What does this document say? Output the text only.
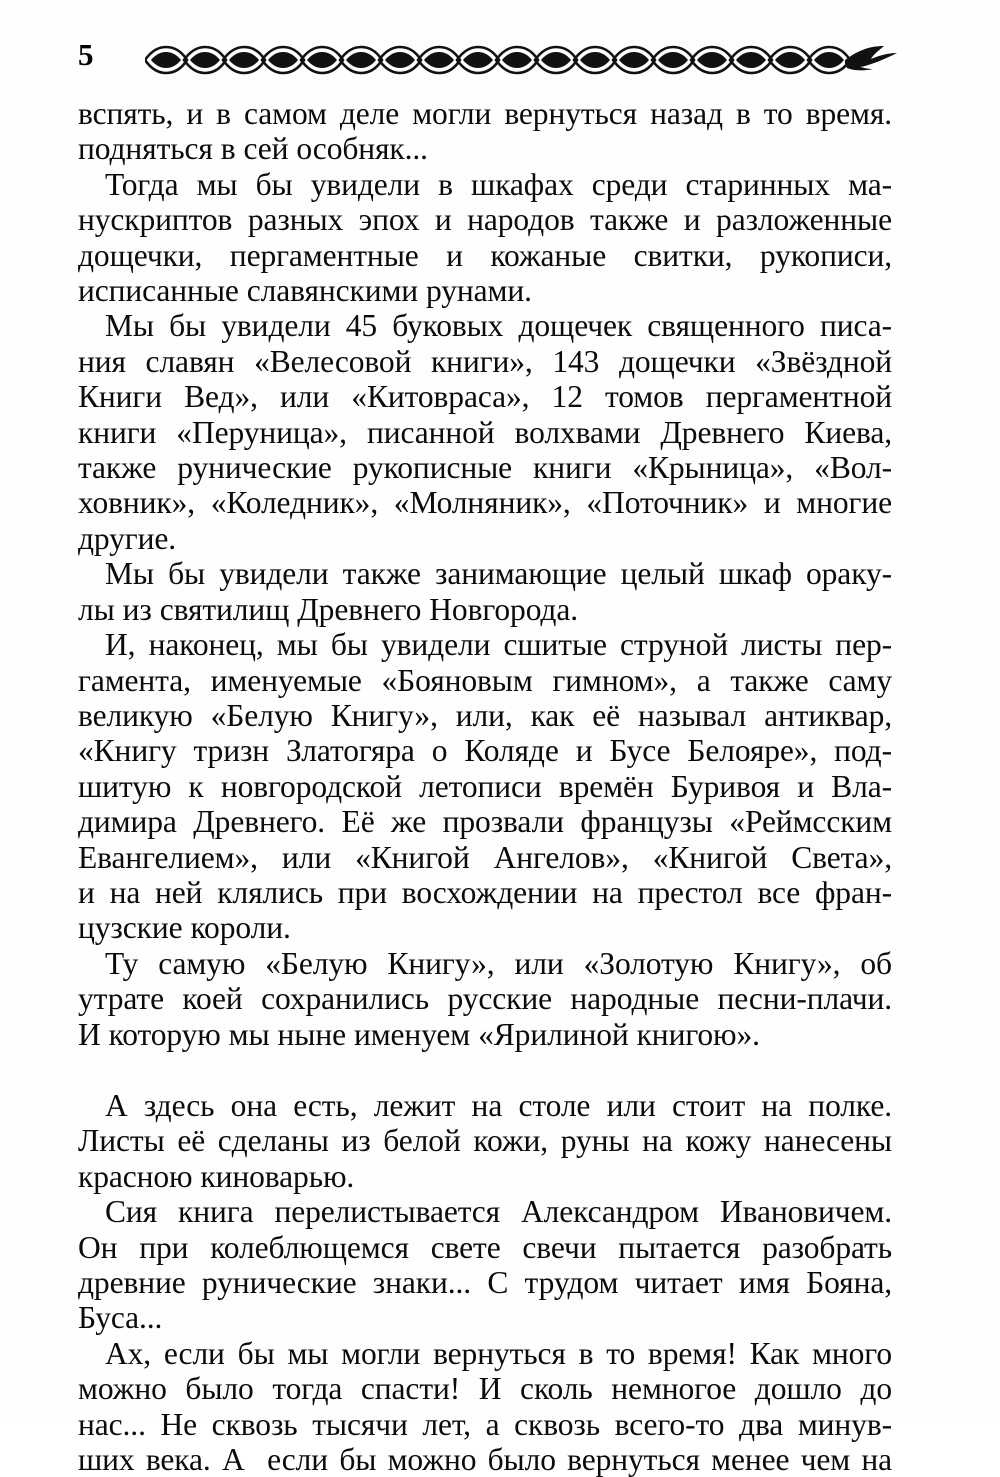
5

вспять, и в самом деле могли вернуться назад в то время.
подняться в сей особняк...

Тогда мы бы увидели в шкафах среди старинных ма-
нускриптов разных эпох и народов также и разложенные
дощечки, пергаментные и кожаные свитки, рукописи,
исписанные славянскими рунами.

Мы бы увидели 45 буковых дощечек священного писа-
ния славян «Велесовой книги», 143 дощечки «Звёздной
Книги Вед», или «Китовраса», 12 томов пергаментной
книги «Перуница», писанной волхвами Древнего Киева,
также рунические рукописные книги «Крыница», «Вол-
ховник», «Коледник», «Молняник», «Поточник» и многие
другие.

Мы бы увидели также занимающие целый шкаф ораку-
лы из святилищ Древнего Новгорода.

И, наконец, мы бы увидели сшитые струной листы пер-
гамента, именуемые «Бояновым гимном», а также саму
великую «Белую Книгу», или, как её называл антиквар,
«Книгу тризн Златогяра о Коляде и Бусе Белояре», под-
шитую к новгородской летописи времён Буривоя и Вла-
димира Древнего. Её же прозвали французы «Реймсским
Евангелием», или «Книгой Ангелов», «Книгой Света»,
и на ней клялись при восхождении на престол все фран-
цузские короли.

Ту самую «Белую Книгу», или «Золотую Книгу», об
утрате коей сохранились русские народные песни-плачи.
И которую мы ныне именуем «Ярилиной книгою».

А здесь она есть, лежит на столе или стоит на полке.
Листы её сделаны из белой кожи, руны на кожу нанесены
красною киноварью.

Сия книга перелистывается Александром Ивановичем.
Он при колеблющемся свете свечи пытается разобрать
древние рунические знаки... С трудом читает имя Бояна,
Буса...

Ах, если бы мы могли вернуться в то время! Как много
можно было тогда спасти! И сколь немногое дошло до
нас... Не сквозь тысячи лет, а сквозь всего-то два минув-
ших века. А  если бы можно было вернуться менее чем на
